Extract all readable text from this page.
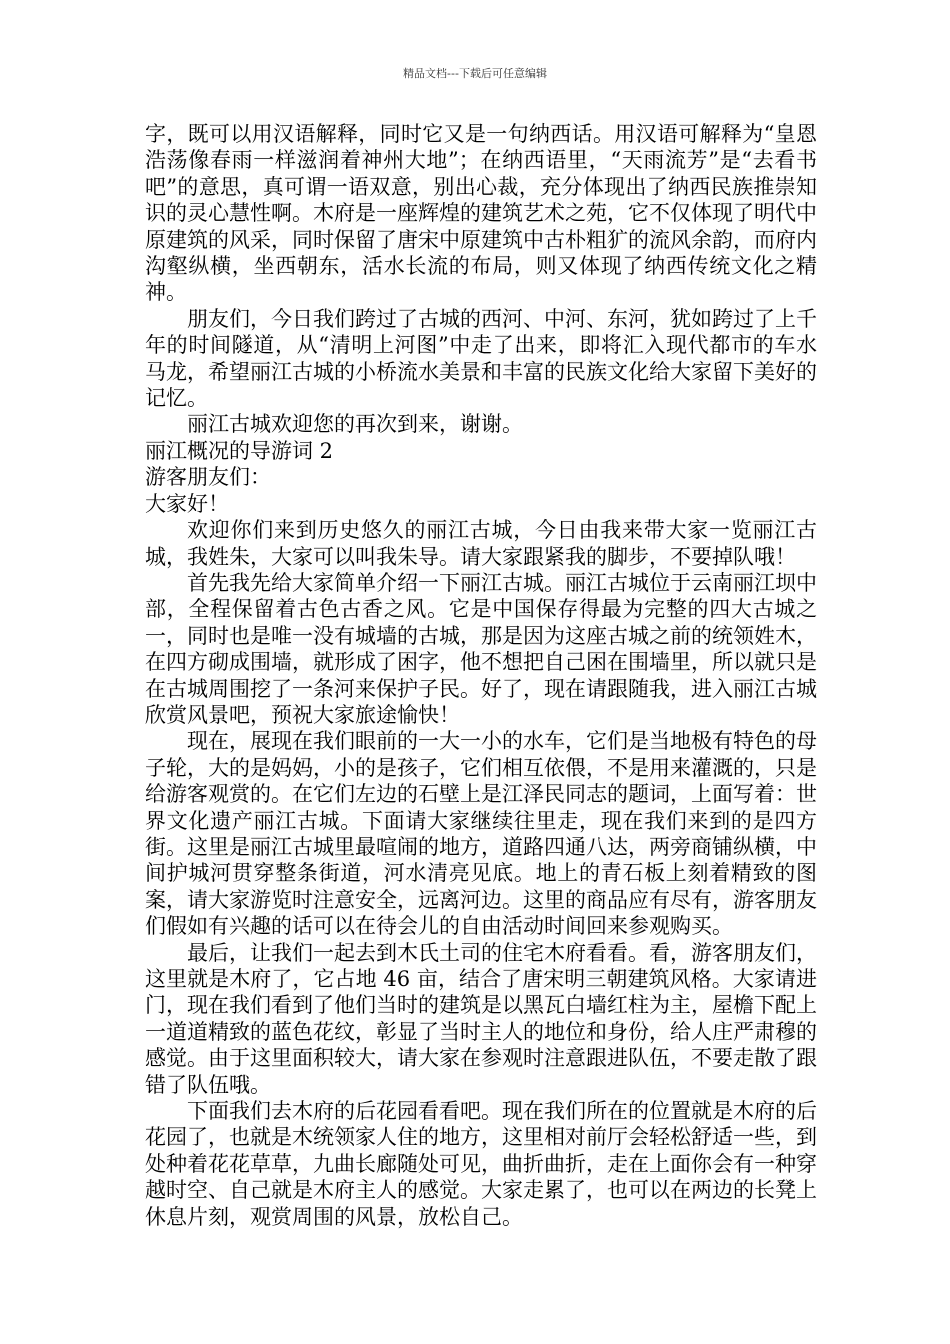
精品文档---下载后可任意编辑

字，既可以用汉语解释，同时它又是一句纳西话。用汉语可解释为“皇恩浩荡像春雨一样滋润着神州大地”；在纳西语里，“天雨流芳”是“去看书吧”的意思，真可谓一语双意，别出心裁，充分体现出了纳西民族推崇知识的灵心慧性啊。木府是一座辉煌的建筑艺术之苑，它不仅体现了明代中原建筑的风采，同时保留了唐宋中原建筑中古朴粗犷的流风余韵，而府内沟壑纵横，坐西朝东，活水长流的布局，则又体现了纳西传统文化之精神。

朋友们，今日我们跨过了古城的西河、中河、东河，犹如跨过了上千年的时间隧道，从“清明上河图”中走了出来，即将汇入现代都市的车水马龙，希望丽江古城的小桥流水美景和丰富的民族文化给大家留下美好的记忆。

丽江古城欢迎您的再次到来，谢谢。

丽江概况的导游词 2

游客朋友们：

大家好！

欢迎你们来到历史悠久的丽江古城，今日由我来带大家一览丽江古城，我姓朱，大家可以叫我朱导。请大家跟紧我的脚步，不要掉队哦！

首先我先给大家简单介绍一下丽江古城。丽江古城位于云南丽江坝中部，全程保留着古色古香之风。它是中国保存得最为完整的四大古城之一，同时也是唯一没有城墙的古城，那是因为这座古城之前的统领姓木，在四方砌成围墙，就形成了困字，他不想把自己困在围墙里，所以就只是在古城周围挖了一条河来保护子民。好了，现在请跟随我，进入丽江古城欣赏风景吧，预祝大家旅途愉快！

现在，展现在我们眼前的一大一小的水车，它们是当地极有特色的母子轮，大的是妈妈，小的是孩子，它们相互依偎，不是用来灌溉的，只是给游客观赏的。在它们左边的石壁上是江泽民同志的题词，上面写着：世界文化遗产丽江古城。下面请大家继续往里走，现在我们来到的是四方街。这里是丽江古城里最喧闹的地方，道路四通八达，两旁商铺纵横，中间护城河贯穿整条街道，河水清亮见底。地上的青石板上刻着精致的图案，请大家游览时注意安全，远离河边。这里的商品应有尽有，游客朋友们假如有兴趣的话可以在待会儿的自由活动时间回来参观购买。

最后，让我们一起去到木氏土司的住宅木府看看。看，游客朋友们，这里就是木府了，它占地 46 亩，结合了唐宋明三朝建筑风格。大家请进门，现在我们看到了他们当时的建筑是以黑瓦白墙红柱为主，屋檐下配上一道道精致的蓝色花纹，彰显了当时主人的地位和身份，给人庄严肃穆的感觉。由于这里面积较大，请大家在参观时注意跟进队伍，不要走散了跟错了队伍哦。

下面我们去木府的后花园看看吧。现在我们所在的位置就是木府的后花园了，也就是木统领家人住的地方，这里相对前厅会轻松舒适一些，到处种着花花草草，九曲长廊随处可见，曲折曲折，走在上面你会有一种穿越时空、自己就是木府主人的感觉。大家走累了，也可以在两边的长凳上休息片刻，观赏周围的风景，放松自己。
